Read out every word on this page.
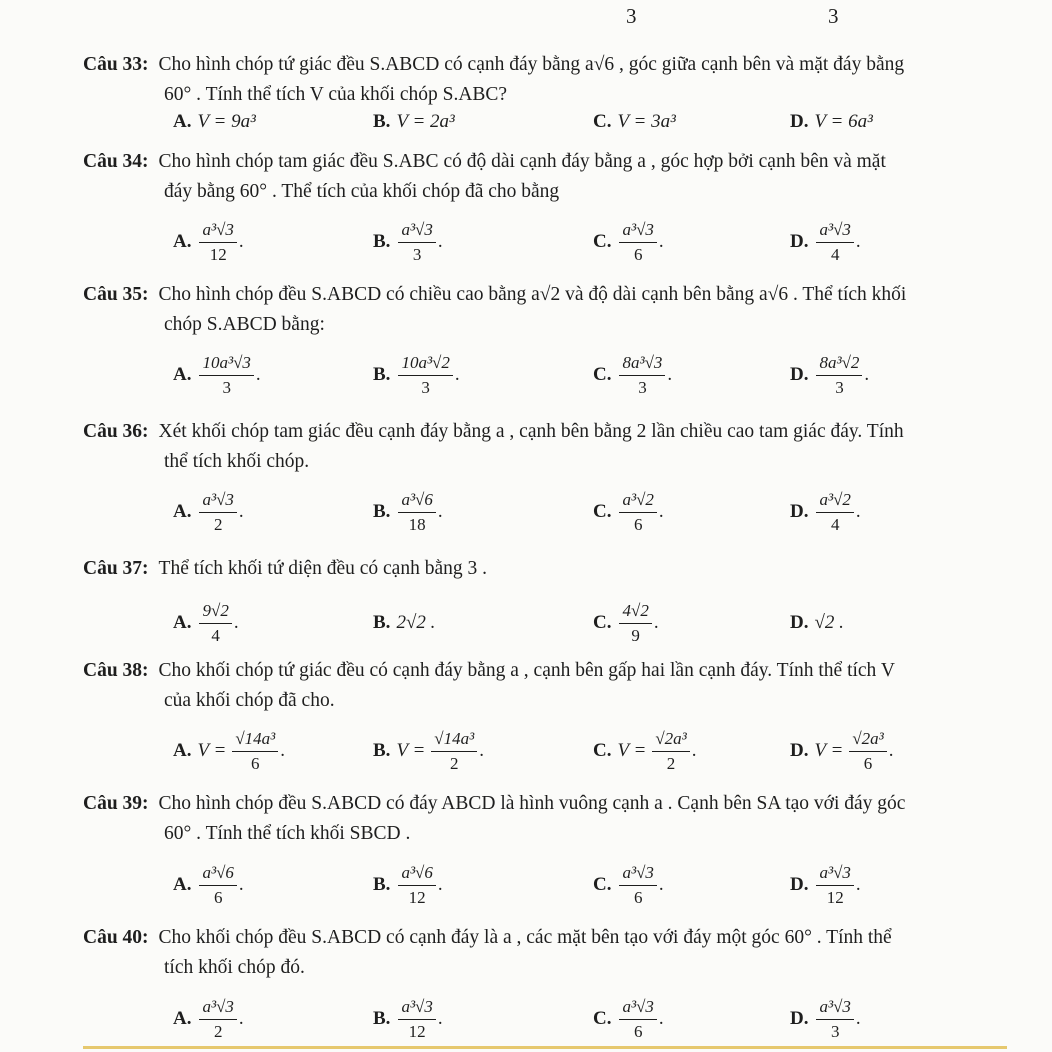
3	3
Câu 33: Cho hình chóp tứ giác đều S.ABCD có cạnh đáy bằng a√6 , góc giữa cạnh bên và mặt đáy bằng
60° . Tính thể tích V của khối chóp S.ABC?
A. V = 9a³	B. V = 2a³	C. V = 3a³	D. V = 6a³
Câu 34: Cho hình chóp tam giác đều S.ABC có độ dài cạnh đáy bằng a , góc hợp bởi cạnh bên và mặt
đáy bằng 60° . Thể tích của khối chóp đã cho bằng
A. $\frac{\text{a³√3}}{12}$ .	B. $\frac{\text{a³√3}}{3}$ .	C. $\frac{\text{a³√3}}{6}$ .	D. $\frac{\text{a³√3}}{4}$ .
Câu 35: Cho hình chóp đều S.ABCD có chiều cao bằng a√2 và độ dài cạnh bên bằng a√6 . Thể tích khối
chóp S.ABCD bằng:
A. $\frac{\text{10a³√3}}{3}$ .	B. $\frac{\text{10a³√2}}{3}$ .	C. $\frac{\text{8a³√3}}{3}$ .	D. $\frac{\text{8a³√2}}{3}$ .
Câu 36: Xét khối chóp tam giác đều cạnh đáy bằng a , cạnh bên bằng 2 lần chiều cao tam giác đáy. Tính
thể tích khối chóp.
A. $\frac{\text{a³√3}}{2}$ .	B. $\frac{\text{a³√6}}{18}$ .	C. $\frac{\text{a³√2}}{6}$ .	D. $\frac{\text{a³√2}}{4}$ .
Câu 37: Thể tích khối tứ diện đều có cạnh bằng 3 .
A. $\frac{9√2}{4}$ .	B. 2√2 .	C. $\frac{4√2}{9}$ .	D. √2 .
Câu 38: Cho khối chóp tứ giác đều có cạnh đáy bằng a , cạnh bên gấp hai lần cạnh đáy. Tính thể tích V
của khối chóp đã cho.
A. $V = \frac{\text{√14a³}}{6}$ .	B. $V = \frac{\text{√14a³}}{2}$ .	C. $V = \frac{\text{√2a³}}{2}$ .	D. $V = \frac{\text{√2a³}}{6}$ .
Câu 39: Cho hình chóp đều S.ABCD có đáy ABCD là hình vuông cạnh a . Cạnh bên SA tạo với đáy góc
60° . Tính thể tích khối SBCD .
A. $\frac{\text{a³√6}}{6}$ .	B. $\frac{\text{a³√6}}{12}$ .	C. $\frac{\text{a³√3}}{6}$ .	D. $\frac{\text{a³√3}}{12}$ .
Câu 40: Cho khối chóp đều S.ABCD có cạnh đáy là a , các mặt bên tạo với đáy một góc 60° . Tính thể
tích khối chóp đó.
A. $\frac{\text{a³√3}}{2}$ .	B. $\frac{\text{a³√3}}{12}$ .	C. $\frac{\text{a³√3}}{6}$ .	D. $\frac{\text{a³√3}}{3}$ .
